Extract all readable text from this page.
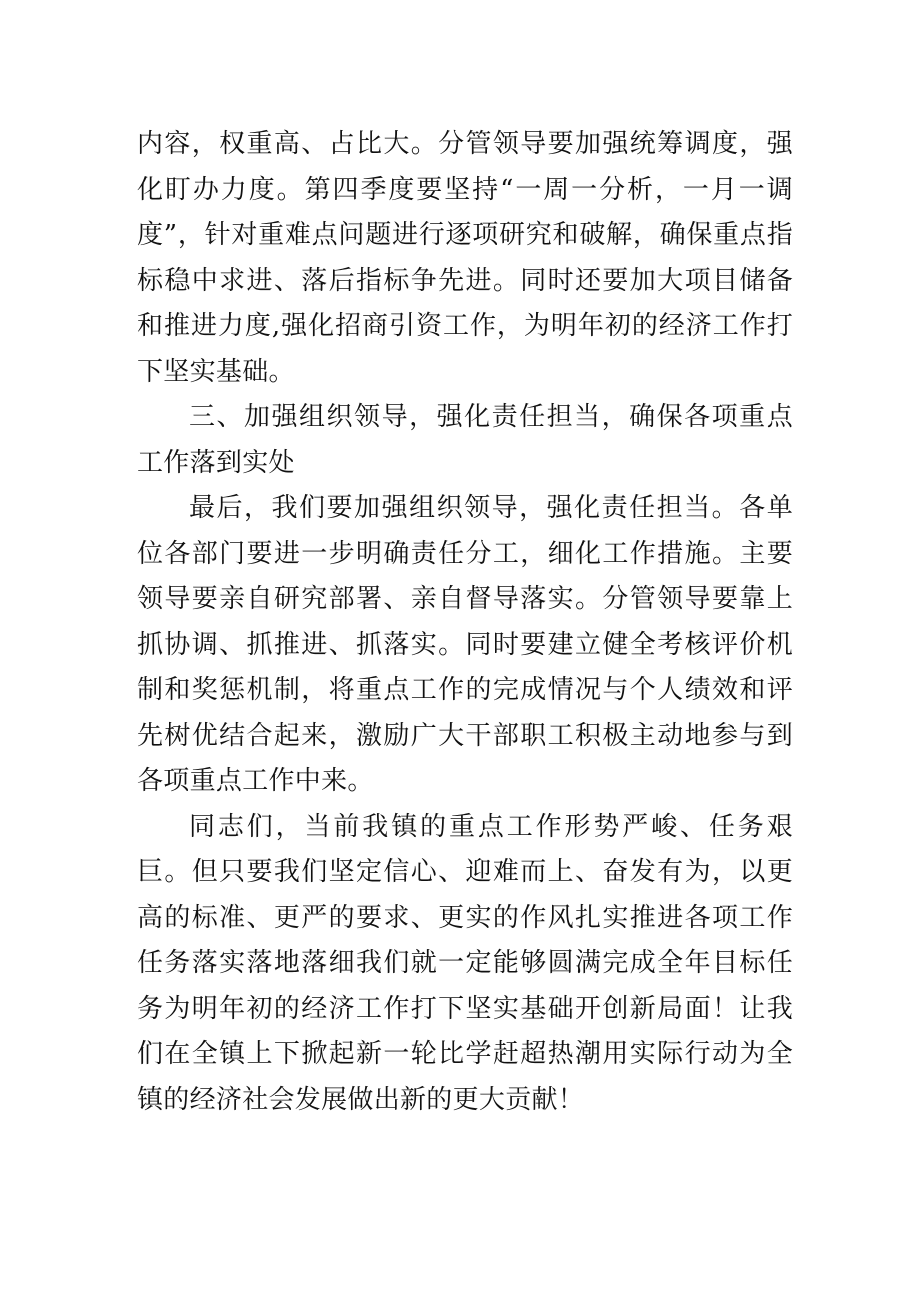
内容，权重高、占比大。分管领导要加强统筹调度，强化盯办力度。第四季度要坚持“一周一分析，一月一调度”，针对重难点问题进行逐项研究和破解，确保重点指标稳中求进、落后指标争先进。同时还要加大项目储备和推进力度,强化招商引资工作，为明年初的经济工作打下坚实基础。

三、加强组织领导，强化责任担当，确保各项重点工作落到实处

最后，我们要加强组织领导，强化责任担当。各单位各部门要进一步明确责任分工，细化工作措施。主要领导要亲自研究部署、亲自督导落实。分管领导要靠上抓协调、抓推进、抓落实。同时要建立健全考核评价机制和奖惩机制，将重点工作的完成情况与个人绩效和评先树优结合起来，激励广大干部职工积极主动地参与到各项重点工作中来。

同志们，当前我镇的重点工作形势严峻、任务艰巨。但只要我们坚定信心、迎难而上、奋发有为，以更高的标准、更严的要求、更实的作风扎实推进各项工作任务落实落地落细我们就一定能够圆满完成全年目标任务为明年初的经济工作打下坚实基础开创新局面！让我们在全镇上下掀起新一轮比学赶超热潮用实际行动为全镇的经济社会发展做出新的更大贡献！
